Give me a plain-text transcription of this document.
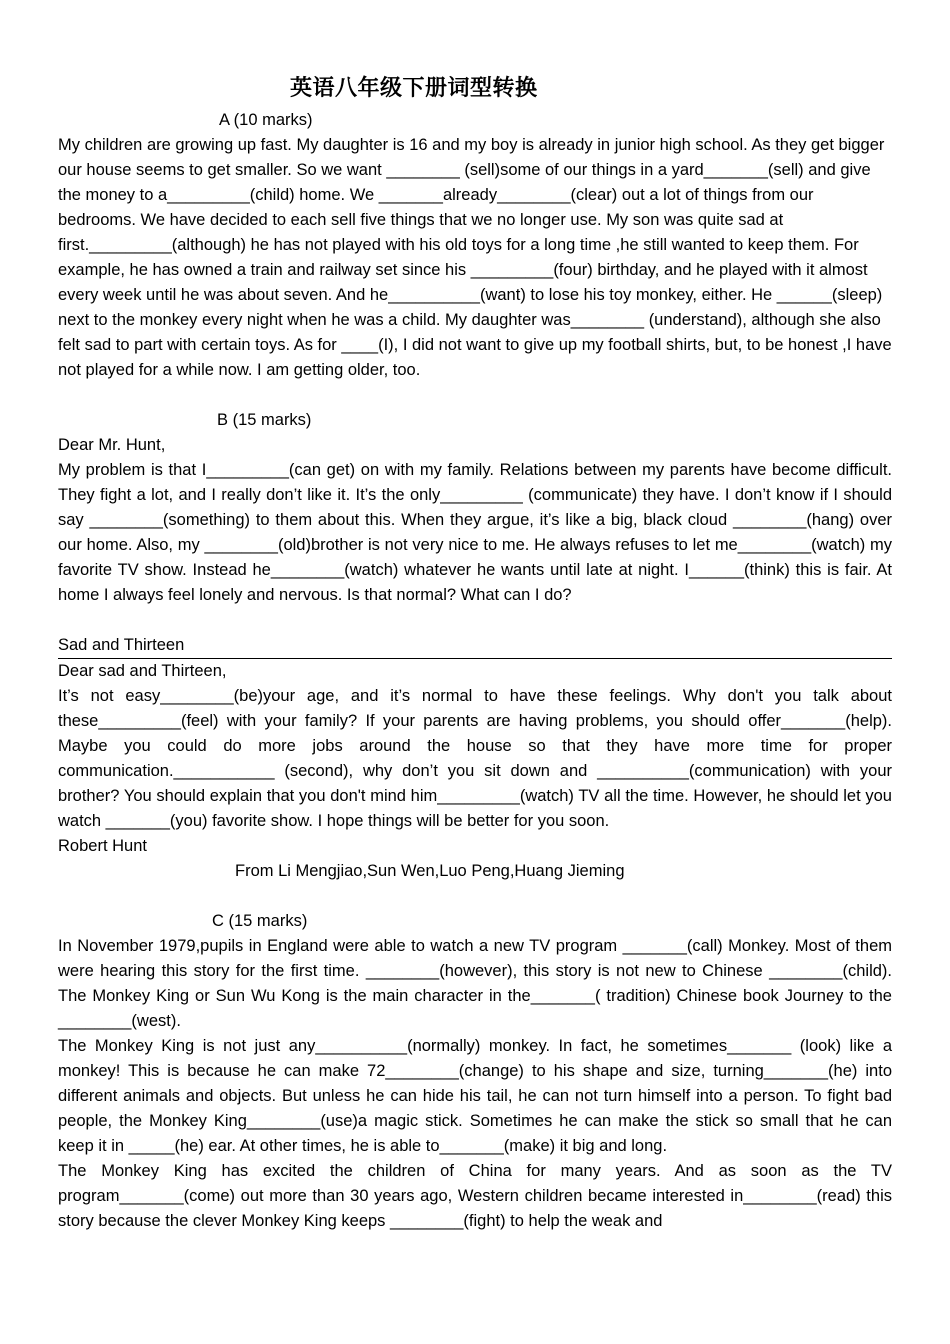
英语八年级下册词型转换

A (10 marks)

My children are growing up fast. My daughter is 16 and my boy is already in junior high school. As they get bigger our house seems to get smaller. So we want ________ (sell)some of our things in a yard_______(sell) and give the money to a_________(child) home. We _______already________(clear) out a lot of things from our bedrooms. We have decided to each sell five things that we no longer use. My son was quite sad at first._________(although) he has not played with his old toys for a long time ,he still wanted to keep them. For example, he has owned a train and railway set since his _________(four) birthday, and he played with it almost every week until he was about seven. And he__________(want) to lose his toy monkey, either. He ______(sleep) next to the monkey every night when he was a child. My daughter was________ (understand), although she also felt sad to part with certain toys. As for ____(I), I did not want to give up my football shirts, but, to be honest ,I have not played for a while now. I am getting older, too.

B (15 marks)

Dear Mr. Hunt,

My problem is that I_________(can get) on with my family. Relations between my parents have become difficult. They fight a lot, and I really don’t like it. It’s the only_________ (communicate) they have. I don’t know if I should say ________(something) to them about this. When they argue, it’s like a big, black cloud ________(hang) over our home. Also, my ________(old)brother is not very nice to me. He always refuses to let me________(watch) my favorite TV show. Instead he________(watch) whatever he wants until late at night. I______(think) this is fair. At home I always feel lonely and nervous. Is that normal? What can I do?

Sad and Thirteen

Dear sad and Thirteen,

It’s not easy________(be)your age, and it’s normal to have these feelings. Why don't you talk about these_________(feel) with your family? If your parents are having problems, you should offer_______(help). Maybe you could do more jobs around the house so that they have more time for proper communication.___________ (second), why don’t you sit down and __________(communication) with your brother? You should explain that you don't mind him_________(watch) TV all the time. However, he should let you watch _______(you) favorite show. I hope things will be better for you soon.

Robert Hunt

From Li Mengjiao,Sun Wen,Luo Peng,Huang Jieming

C (15 marks)

In November 1979,pupils in England were able to watch a new TV program _______(call) Monkey. Most of them were hearing this story for the first time. ________(however), this story is not new to Chinese ________(child). The Monkey King or Sun Wu Kong is the main character in the_______( tradition) Chinese book Journey to the ________(west).

The Monkey King is not just any__________(normally) monkey. In fact, he sometimes_______ (look) like a monkey! This is because he can make 72________(change) to his shape and size, turning_______(he) into different animals and objects. But unless he can hide his tail, he can not turn himself into a person. To fight bad people, the Monkey King________(use)a magic stick. Sometimes he can make the stick so small that he can keep it in _____(he) ear. At other times, he is able to_______(make) it big and long.

The Monkey King has excited the children of China for many years. And as soon as the TV program_______(come) out more than 30 years ago, Western children became interested in________(read) this story because the clever Monkey King keeps ________(fight) to help the weak and
